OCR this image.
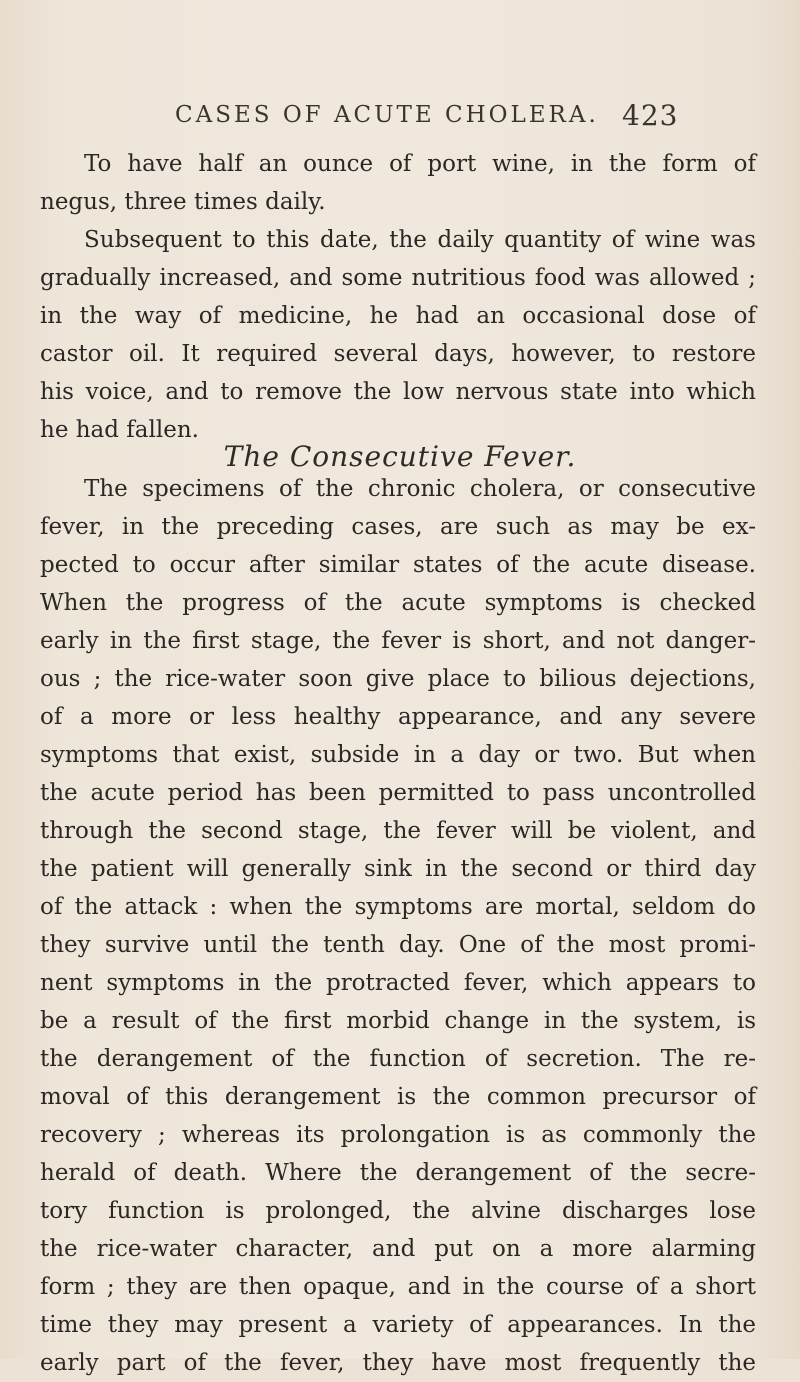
CASES OF ACUTE CHOLERA. 423
To have half an ounce of port wine, in the form of
negus, three times daily.
Subsequent to this date, the daily quantity of wine was
gradually increased, and some nutritious food was allowed ;
in the way of medicine, he had an occasional dose of
castor oil. It required several days, however, to restore
his voice, and to remove the low nervous state into which
he had fallen.
The Consecutive Fever.
The specimens of the chronic cholera, or consecutive
fever, in the preceding cases, are such as may be ex-
pected to occur after similar states of the acute disease.
When the progress of the acute symptoms is checked
early in the first stage, the fever is short, and not danger-
ous ; the rice-water soon give place to bilious dejections,
of a more or less healthy appearance, and any severe
symptoms that exist, subside in a day or two. But when
the acute period has been permitted to pass uncontrolled
through the second stage, the fever will be violent, and
the patient will generally sink in the second or third day
of the attack : when the symptoms are mortal, seldom do
they survive until the tenth day. One of the most promi-
nent symptoms in the protracted fever, which appears to
be a result of the first morbid change in the system, is
the derangement of the function of secretion. The re-
moval of this derangement is the common precursor of
recovery ; whereas its prolongation is as commonly the
herald of death. Where the derangement of the secre-
tory function is prolonged, the alvine discharges lose
the rice-water character, and put on a more alarming
form ; they are then opaque, and in the course of a short
time they may present a variety of appearances. In the
early part of the fever, they have most frequently the
